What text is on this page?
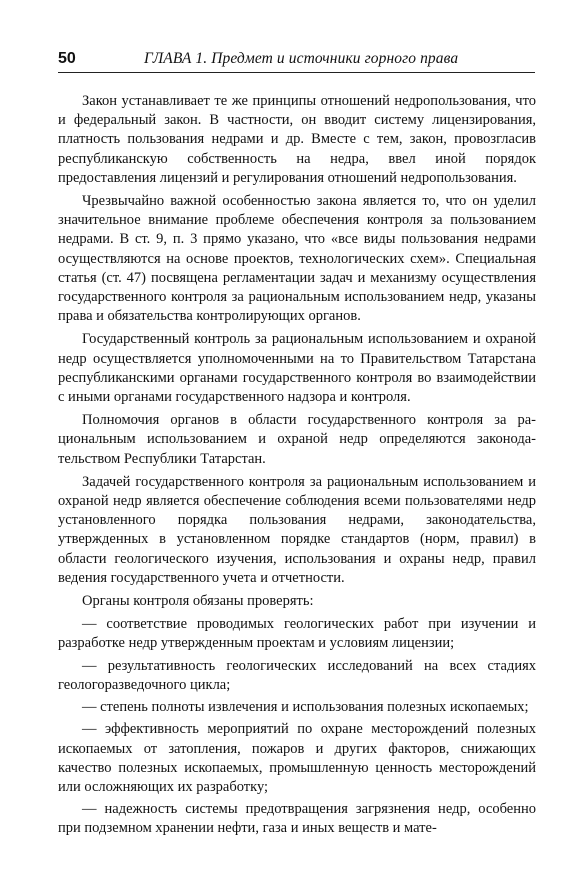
50	ГЛАВА 1. Предмет и источники горного права

Закон устанавливает те же принципы отношений недропользования, что и федеральный закон. В частности, он вводит систему лицензирования, платность пользования недрами и др. Вместе с тем, закон, провозгласив республиканскую собственность на недра, ввел иной порядок предоставления лицензий и регулирования отношений недропользования.

Чрезвычайно важной особенностью закона является то, что он уделил значительное внимание проблеме обеспечения контроля за пользованием недрами. В ст. 9, п. 3 прямо указано, что «все виды пользования недрами осуществляются на основе проектов, технологических схем». Специальная статья (ст. 47) посвящена регламентации задач и механизму осуществления государственного контроля за рациональным использованием недр, указаны права и обязательства контролирующих органов.

Государственный контроль за рациональным использованием и охраной недр осуществляется уполномоченными на то Правительством Татарстана республиканскими органами государственного контроля во взаимодействии с иными органами государственного надзора и контроля.

Полномочия органов в области государственного контроля за рациональным использованием и охраной недр определяются законодательством Республики Татарстан.

Задачей государственного контроля за рациональным использованием и охраной недр является обеспечение соблюдения всеми пользователями недр установленного порядка пользования недрами, законодательства, утвержденных в установленном порядке стандартов (норм, правил) в области геологического изучения, использования и охраны недр, правил ведения государственного учета и отчетности.

Органы контроля обязаны проверять:

— соответствие проводимых геологических работ при изучении и разработке недр утвержденным проектам и условиям лицензии;

— результативность геологических исследований на всех стадиях геологоразведочного цикла;

— степень полноты извлечения и использования полезных ископаемых;

— эффективность мероприятий по охране месторождений полезных ископаемых от затопления, пожаров и других факторов, снижающих качество полезных ископаемых, промышленную ценность месторождений или осложняющих их разработку;

— надежность системы предотвращения загрязнения недр, особенно при подземном хранении нефти, газа и иных веществ и мате-
